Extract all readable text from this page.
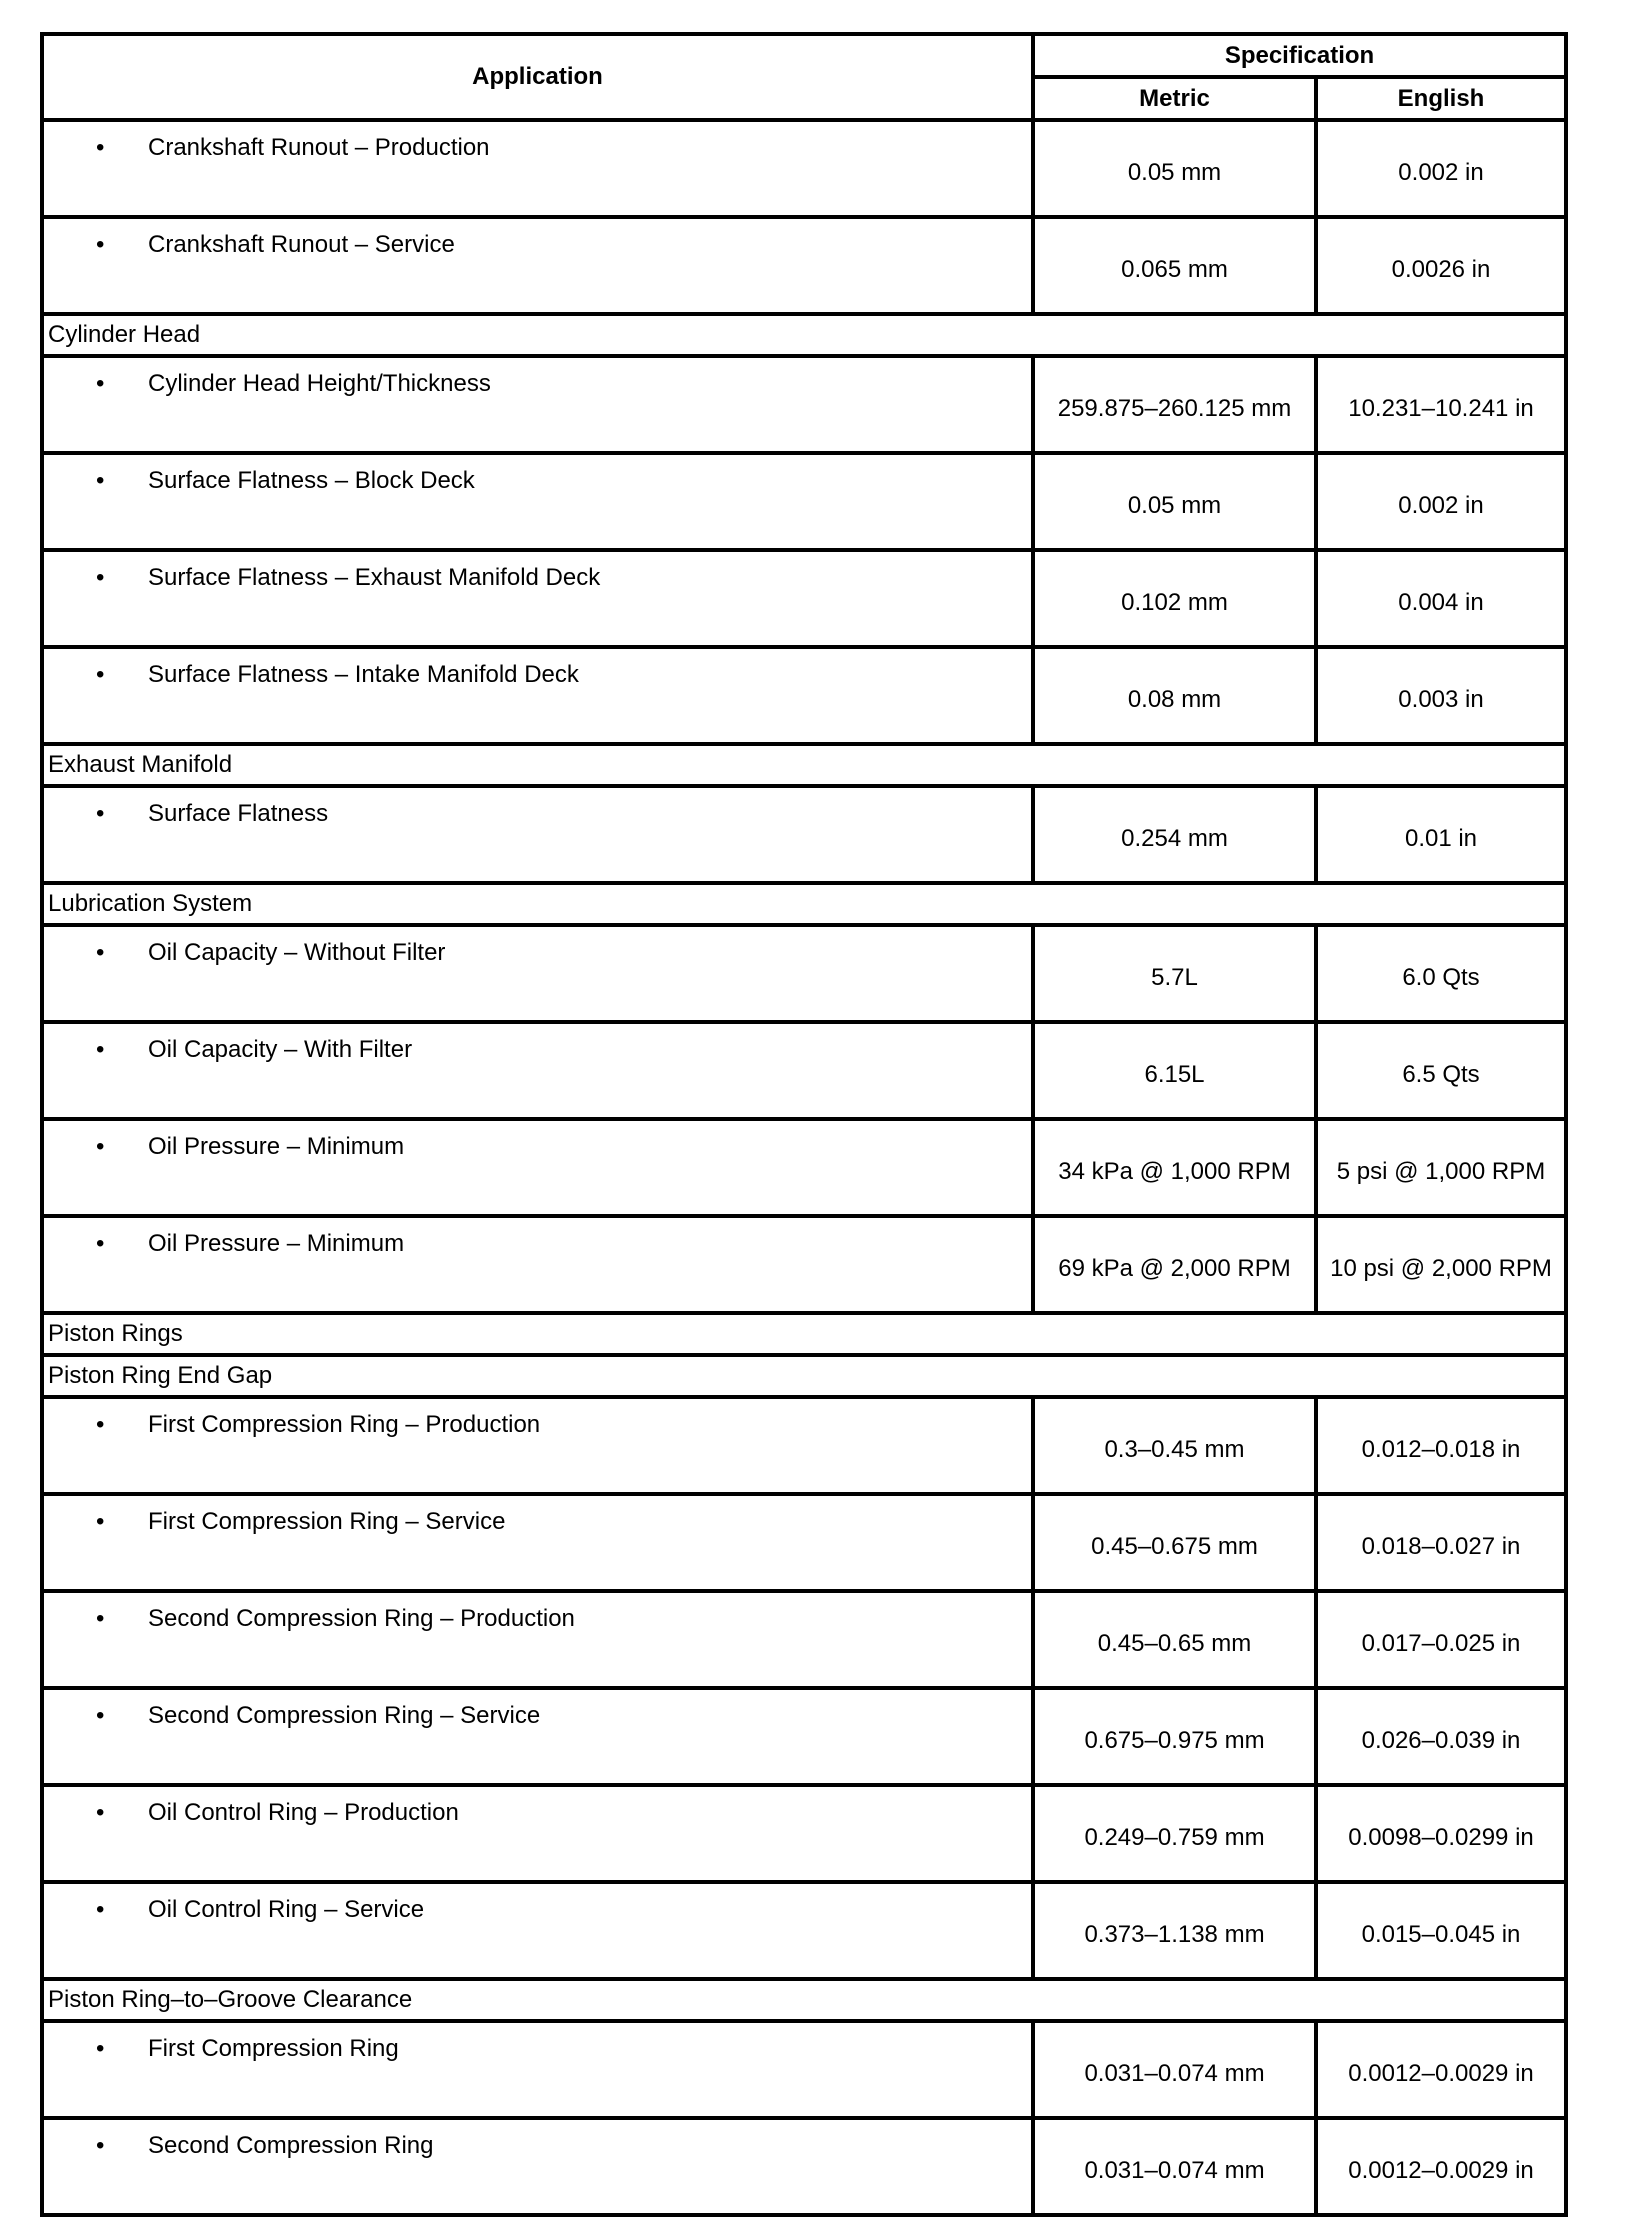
Application	Specification	
	Metric	English
• Crankshaft Runout – Production	0.05 mm	0.002 in
• Crankshaft Runout – Service	0.065 mm	0.0026 in
Cylinder Head		
• Cylinder Head Height/Thickness	259.875–260.125 mm	10.231–10.241 in
• Surface Flatness – Block Deck	0.05 mm	0.002 in
• Surface Flatness – Exhaust Manifold Deck	0.102 mm	0.004 in
• Surface Flatness – Intake Manifold Deck	0.08 mm	0.003 in
Exhaust Manifold		
• Surface Flatness	0.254 mm	0.01 in
Lubrication System		
• Oil Capacity – Without Filter	5.7L	6.0 Qts
• Oil Capacity – With Filter	6.15L	6.5 Qts
• Oil Pressure – Minimum	34 kPa @ 1,000 RPM	5 psi @ 1,000 RPM
• Oil Pressure – Minimum	69 kPa @ 2,000 RPM	10 psi @ 2,000 RPM
Piston Rings		
Piston Ring End Gap		
• First Compression Ring – Production	0.3–0.45 mm	0.012–0.018 in
• First Compression Ring – Service	0.45–0.675 mm	0.018–0.027 in
• Second Compression Ring – Production	0.45–0.65 mm	0.017–0.025 in
• Second Compression Ring – Service	0.675–0.975 mm	0.026–0.039 in
• Oil Control Ring – Production	0.249–0.759 mm	0.0098–0.0299 in
• Oil Control Ring – Service	0.373–1.138 mm	0.015–0.045 in
Piston Ring–to–Groove Clearance		
• First Compression Ring	0.031–0.074 mm	0.0012–0.0029 in
• Second Compression Ring	0.031–0.074 mm	0.0012–0.0029 in
